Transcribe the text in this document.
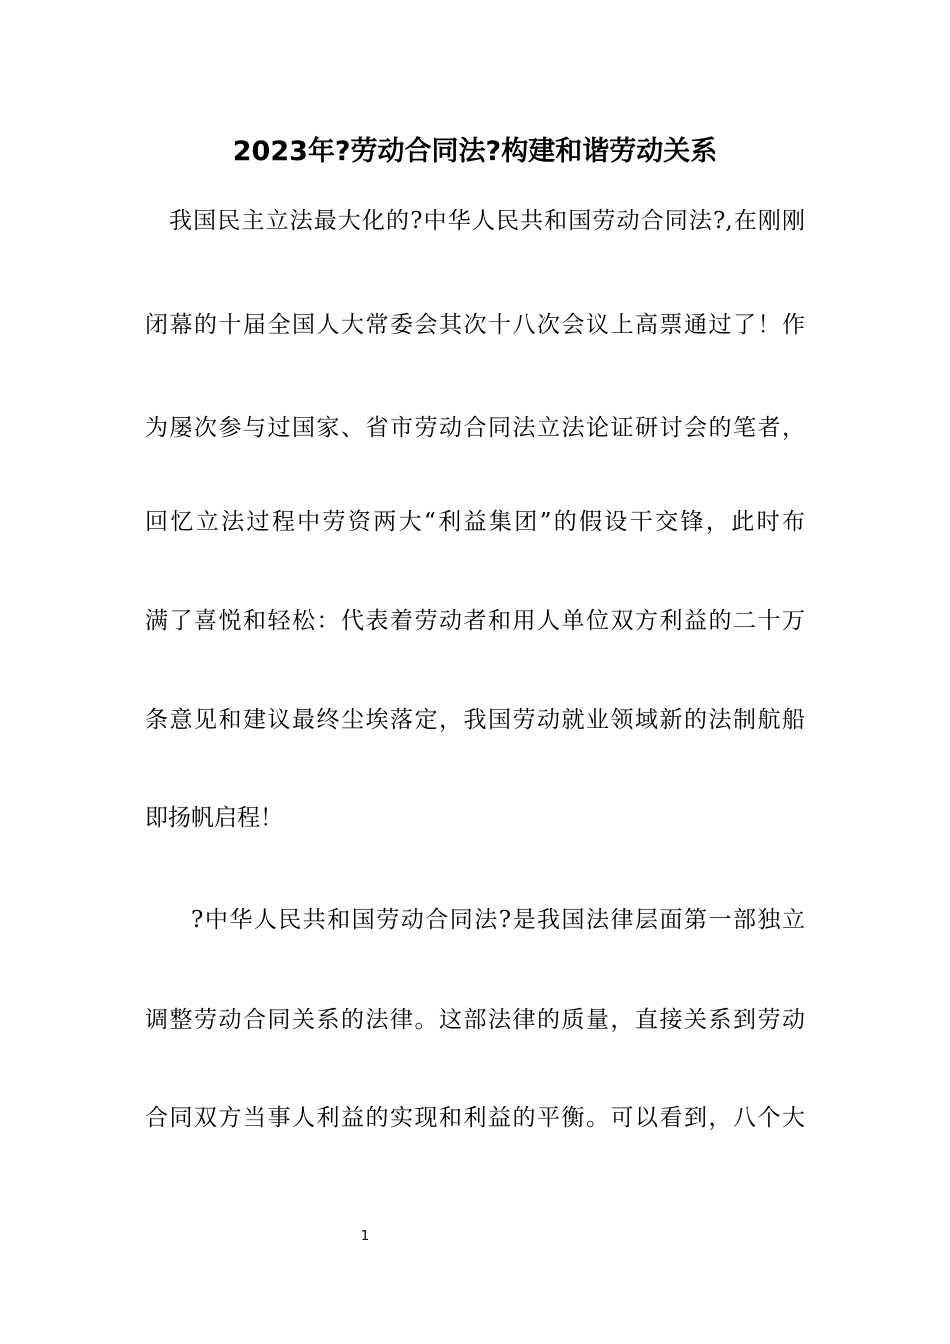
2023年?劳动合同法?构建和谐劳动关系
我国民主立法最大化的?中华人民共和国劳动合同法?,在刚刚
闭幕的十届全国人大常委会其次十八次会议上高票通过了！作
为屡次参与过国家、省市劳动合同法立法论证研讨会的笔者，
回忆立法过程中劳资两大“利益集团”的假设干交锋，此时布
满了喜悦和轻松：代表着劳动者和用人单位双方利益的二十万
条意见和建议最终尘埃落定，我国劳动就业领域新的法制航船
即扬帆启程！
?中华人民共和国劳动合同法?是我国法律层面第一部独立
调整劳动合同关系的法律。这部法律的质量，直接关系到劳动
合同双方当事人利益的实现和利益的平衡。可以看到，八个大
1
